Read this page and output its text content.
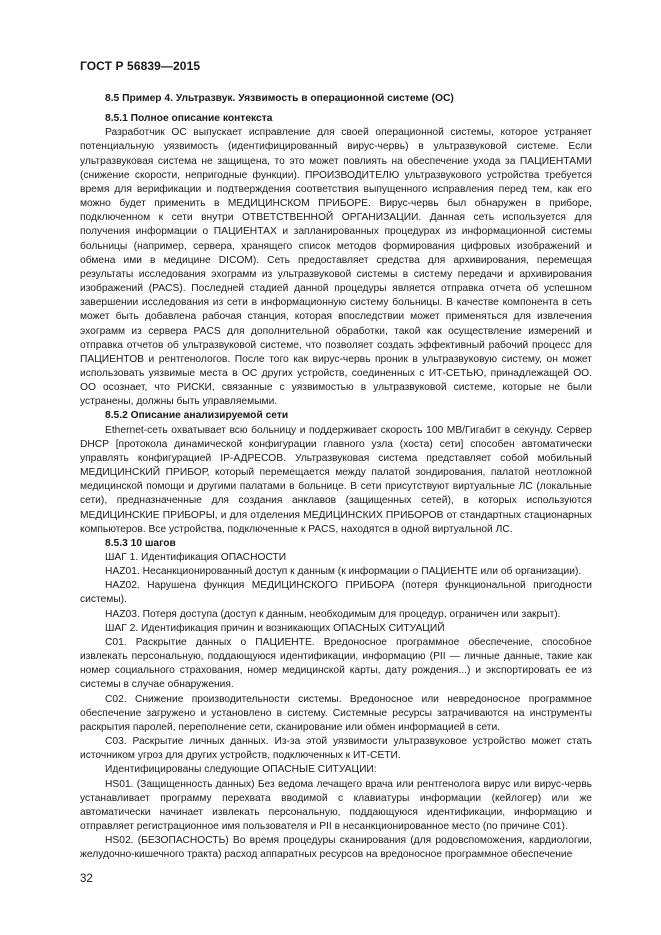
ГОСТ Р 56839—2015

8.5 Пример 4. Ультразвук. Уязвимость в операционной системе (ОС)

8.5.1 Полное описание контекста

Разработчик ОС выпускает исправление для своей операционной системы, которое устраняет потенциальную уязвимость (идентифицированный вирус-червь) в ультразвуковой системе. Если ультразвуковая система не защищена, то это может повлиять на обеспечение ухода за ПАЦИЕНТАМИ (снижение скорости, непригодные функции). ПРОИЗВОДИТЕЛЮ ультразвукового устройства требуется время для верификации и подтверждения соответствия выпущенного исправления перед тем, как его можно будет применить в МЕДИЦИНСКОМ ПРИБОРЕ. Вирус-червь был обнаружен в приборе, подключенном к сети внутри ОТВЕТСТВЕННОЙ ОРГАНИЗАЦИИ. Данная сеть используется для получения информации о ПАЦИЕНТАХ и запланированных процедурах из информационной системы больницы (например, сервера, хранящего список методов формирования цифровых изображений и обмена ими в медицине DICOM). Сеть предоставляет средства для архивирования, перемещая результаты исследования эхограмм из ультразвуковой системы в систему передачи и архивирования изображений (PACS). Последней стадией данной процедуры является отправка отчета об успешном завершении исследования из сети в информационную систему больницы. В качестве компонента в сеть может быть добавлена рабочая станция, которая впоследствии может применяться для извлечения эхограмм из сервера PACS для дополнительной обработки, такой как осуществление измерений и отправка отчетов об ультразвуковой системе, что позволяет создать эффективный рабочий процесс для ПАЦИЕНТОВ и рентгенологов. После того как вирус-червь проник в ультразвуковую систему, он может использовать уязвимые места в ОС других устройств, соединенных с ИТ-СЕТЬЮ, принадлежащей ОО. ОО осознает, что РИСКИ, связанные с уязвимостью в ультразвуковой системе, которые не были устранены, должны быть управляемыми.

8.5.2 Описание анализируемой сети

Ethernet-сеть охватывает всю больницу и поддерживает скорость 100 МВ/Гигабит в секунду. Сервер DHCP [протокола динамической конфигурации главного узла (хоста) сети] способен автоматически управлять конфигурацией IP-АДРЕСОВ. Ультразвуковая система представляет собой мобильный МЕДИЦИНСКИЙ ПРИБОР, который перемещается между палатой зондирования, палатой неотложной медицинской помощи и другими палатами в больнице. В сети присутствуют виртуальные ЛС (локальные сети), предназначенные для создания анклавов (защищенных сетей), в которых используются МЕДИЦИНСКИЕ ПРИБОРЫ, и для отделения МЕДИЦИНСКИХ ПРИБОРОВ от стандартных стационарных компьютеров. Все устройства, подключенные к PACS, находятся в одной виртуальной ЛС.

8.5.3 10 шагов

ШАГ 1. Идентификация ОПАСНОСТИ

HAZ01. Несанкционированный доступ к данным (к информации о ПАЦИЕНТЕ или об организации).

HAZ02. Нарушена функция МЕДИЦИНСКОГО ПРИБОРА (потеря функциональной пригодности системы).

HAZ03. Потеря доступа (доступ к данным, необходимым для процедур, ограничен или закрыт).

ШАГ 2. Идентификация причин и возникающих ОПАСНЫХ СИТУАЦИЙ

C01. Раскрытие данных о ПАЦИЕНТЕ. Вредоносное программное обеспечение, способное извлекать персональную, поддающуюся идентификации, информацию (PII — личные данные, такие как номер социального страхования, номер медицинской карты, дату рождения...) и экспортировать ее из системы в случае обнаружения.

C02. Снижение производительности системы. Вредоносное или невредоносное программное обеспечение загружено и установлено в систему. Системные ресурсы затрачиваются на инструменты раскрытия паролей, переполнение сети, сканирование или обмен информацией в сети.

C03. Раскрытие личных данных. Из-за этой уязвимости ультразвуковое устройство может стать источником угроз для других устройств, подключенных к ИТ-СЕТИ.

Идентифицированы следующие ОПАСНЫЕ СИТУАЦИИ:

HS01. (Защищенность данных) Без ведома лечащего врача или рентгенолога вирус или вирус-червь устанавливает программу перехвата вводимой с клавиатуры информации (кейлогер) или же автоматически начинает извлекать персональную, поддающуюся идентификации, информацию и отправляет регистрационное имя пользователя и PII в несанкционированное место (по причине C01).

HS02. (БЕЗОПАСНОСТЬ) Во время процедуры сканирования (для родовспоможения, кардиологии, желудочно-кишечного тракта) расход аппаратных ресурсов на вредоносное программное обеспечение

32
